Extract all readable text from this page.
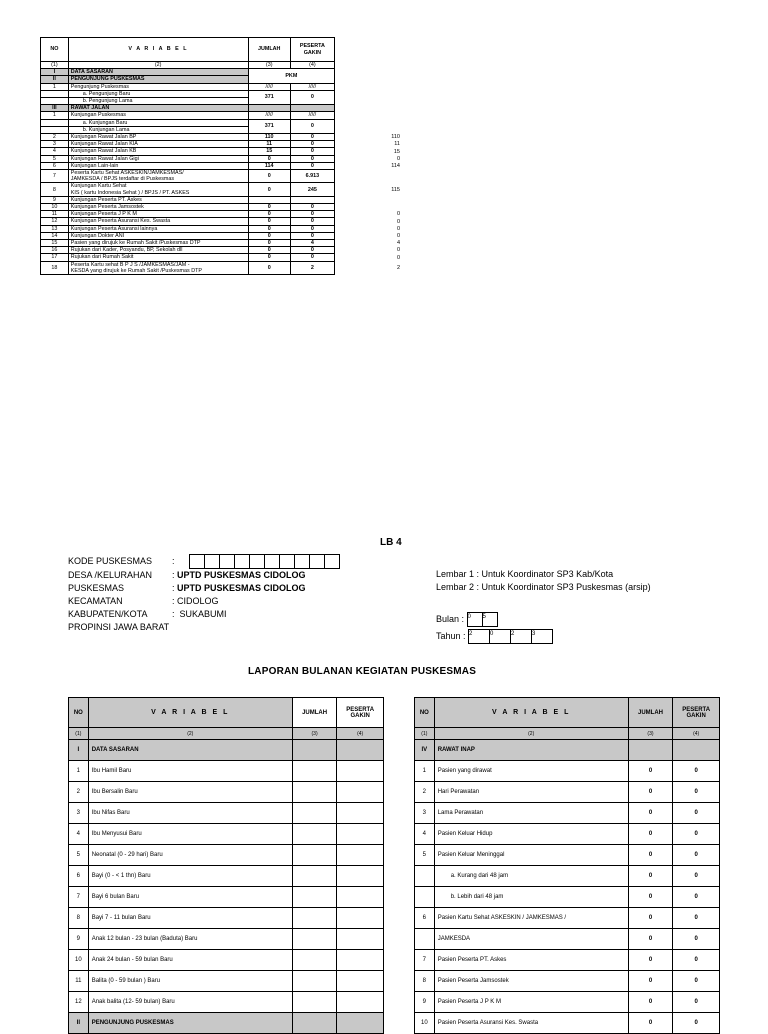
NO	V A R I A B E L	JUMLAH	PESERTA GAKIN
(1)	(2)	(3)	(4)
I	DATA SASARAN	PKM	
II	PENGUNJUNG PUSKESMAS		
1	Pengunjung Puskesmas	/////	/////
	a. Pengunjung Baru	371	0
	b. Pengunjung Lama		
III	RAWAT JALAN		
1	Kunjungan Puskesmas	/////	/////
	a. Kunjungan Baru	371	0
	b. Kunjungan Lama		
2	Kunjungan Rawat Jalan BP	110	0
3	Kunjungan Rawat Jalan KIA	11	0
4	Kunjungan Rawat Jalan KB	15	0
5	Kunjungan Rawat Jalan Gigi	0	0
6	Kunjungan Lain-lain	114	0
7	Peserta Kartu Sehat ASKESKIN/JAMKESMAS/
JAMKESDA / BPJS terdaftar di Puskesmas	0	6.913
8	Kunjungan Kartu Sehat
KIS ( kartu Indonesia Sehat ) / BPJS / PT. ASKES	0	245
9	Kunjungan Peserta PT. Askes		
10	Kunjungan Peserta Jamsostek	0	0
11	Kunjungan Peserta J P K M	0	0
12	Kunjungan Peserta Asuransi Kes. Swasta	0	0
13	Kunjungan Peserta Asuransi lainnya	0	0
14	Kunjungan Dokter ANI	0	0
15	Pasien yang dirujuk ke Rumah Sakit /Puskesmas DTP	0	4
16	Rujukan dari Kader, Posyandu, BP, Sekolah dll	0	0
17	Rujukan dari Rumah Sakit	0	0
18	Peserta Kartu sehat B P J S /JAMKESMAS/JAM -
KESDA yang dirujuk ke Rumah Sakit /Puskesmas DTP	0	2
110
11
15
0
114
115
0
0
0
0
4
0
0
2
LB 4
KODE PUSKESMAS :
DESA /KELURAHAN : UPTD PUSKESMAS CIDOLOG
PUSKESMAS	: UPTD PUSKESMAS CIDOLOG
KECAMATAN	: CIDOLOG
KABUPATEN/KOTA	: SUKABUMI
PROPINSI JAWA BARAT
Lembar 1 : Untuk Koordinator SP3 Kab/Kota
Lembar 2 : Untuk Koordinator SP3 Puskesmas (arsip)
Bulan : 0 5
Tahun : 2	0	2	3
LAPORAN BULANAN KEGIATAN PUSKESMAS
NO	V A R I A B E L	JUMLAH	PESERTA GAKIN
(1)	(2)	(3)	(4)
I	DATA SASARAN		
1	Ibu Hamil Baru		
2	Ibu Bersalin Baru		
3	Ibu Nifas Baru		
4	Ibu Menyusui Baru		
5	Neonatal (0 - 29 hari) Baru		
6	Bayi (0 - < 1 thn) Baru		
7	Bayi 6 bulan Baru		
8	Bayi 7 - 11 bulan Baru		
9	Anak 12 bulan - 23 bulan (Baduta) Baru		
10	Anak 24 bulan - 59 bulan Baru		
11	Balita (0 - 59 bulan ) Baru		
12	Anak balita (12- 59 bulan) Baru		
II	PENGUNJUNG PUSKESMAS		
NO	V A R I A B E L	JUMLAH	PESERTA GAKIN
(1)	(2)	(3)	(4)
IV	RAWAT INAP		
1	Pasien yang dirawat	0	0
2	Hari Perawatan	0	0
3	Lama Perawatan	0	0
4	Pasien Keluar Hidup	0	0
5	Pasien Keluar Meninggal	0	0
	a. Kurang dari 48 jam	0	0
	b. Lebih dari 48 jam	0	0
6	Pasien Kartu Sehat ASKESKIN / JAMKESMAS /	0	0
	JAMKESDA	0	0
7	Pasien Peserta PT. Askes	0	0
8	Pasien Peserta Jamsostek	0	0
9	Pasien Peserta J P K M	0	0
10	Pasien Peserta Asuransi Kes. Swasta	0	0
